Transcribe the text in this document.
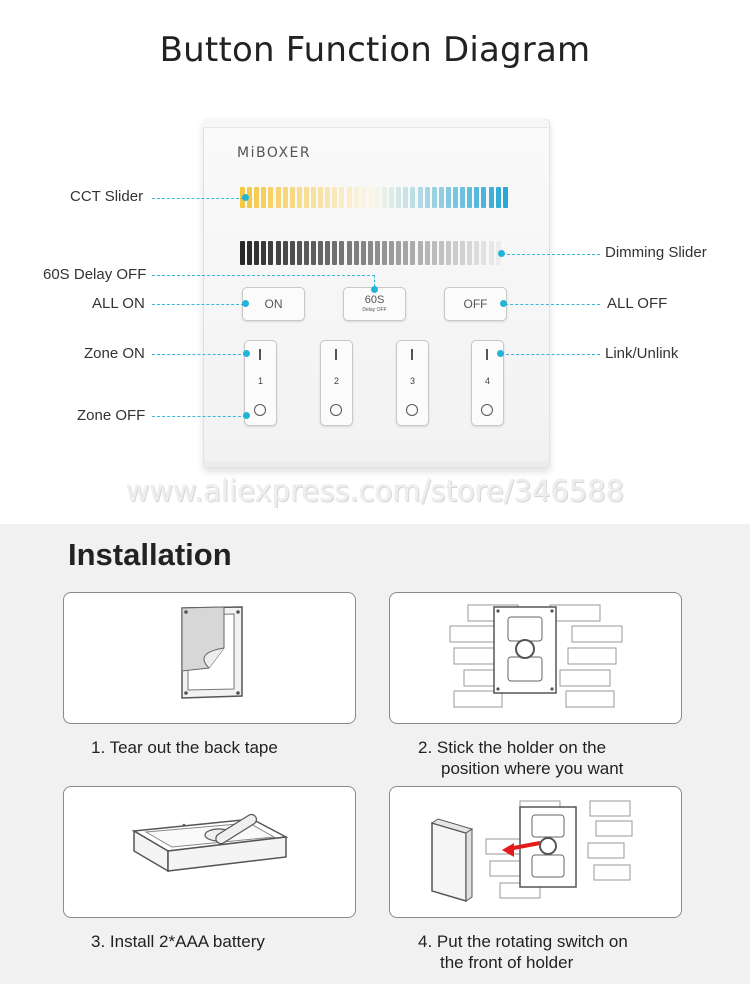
Button Function Diagram
MiBOXER
ON	60S
Delay OFF	OFF
1	2	3	4
CCT Slider
Dimming Slider
60S Delay OFF
ALL ON	ALL OFF
Zone ON	Link/Unlink
Zone OFF
www.aliexpress.com/store/346588
Installation
1. Tear out the back tape	2. Stick the holder on the
position where you want
3. Install 2*AAA battery	4. Put the rotating switch on
the front of holder
